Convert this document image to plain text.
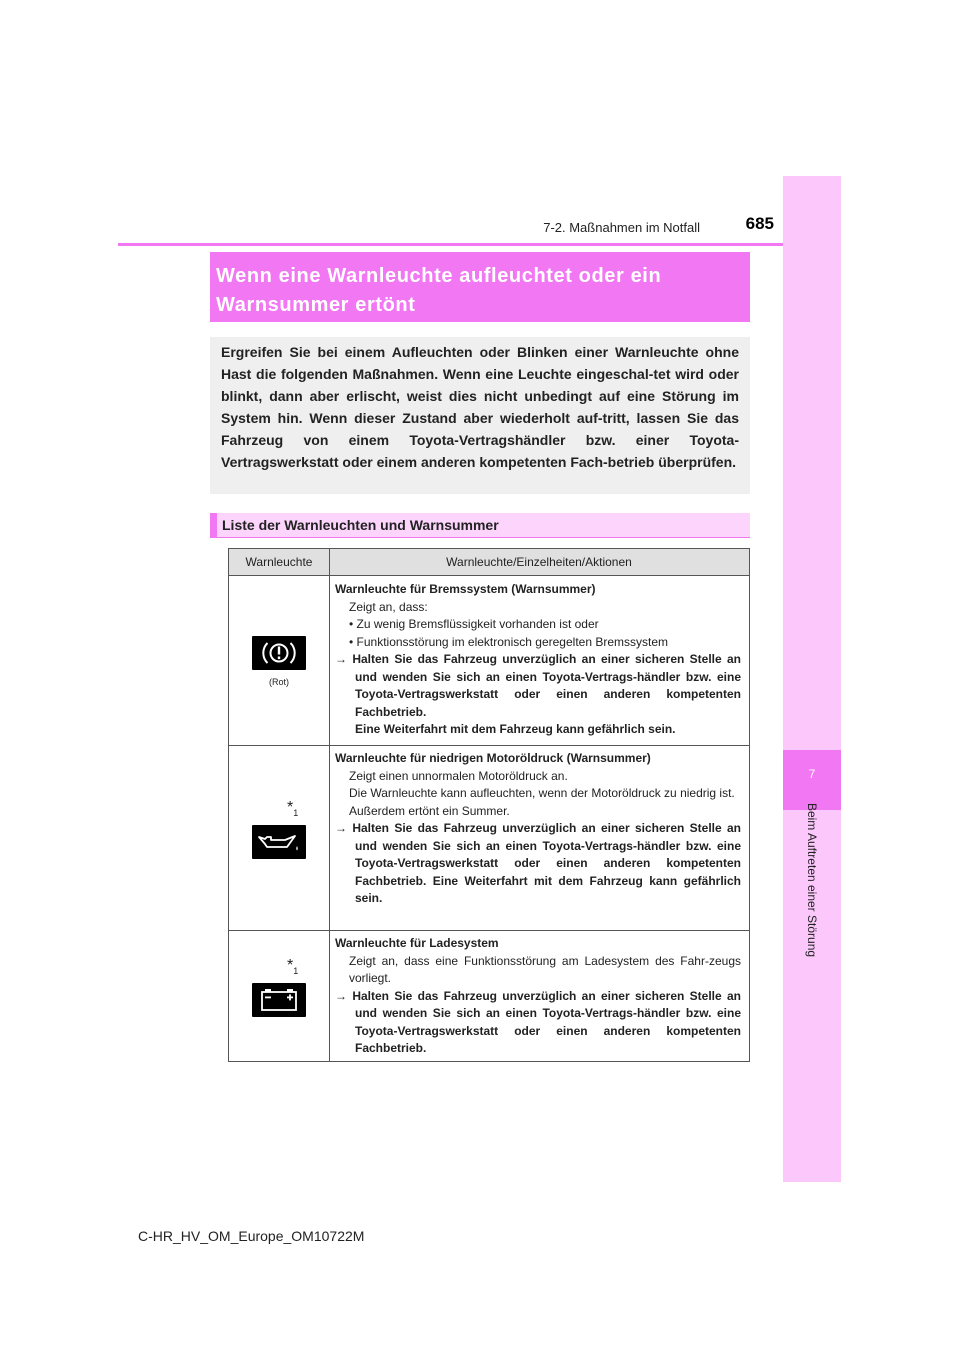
7
Beim Auftreten einer Störung
7-2. Maßnahmen im Notfall	685
Wenn eine Warnleuchte aufleuchtet oder ein Warnsummer ertönt
Ergreifen Sie bei einem Aufleuchten oder Blinken einer Warnleuchte ohne Hast die folgenden Maßnahmen. Wenn eine Leuchte eingeschal-tet wird oder blinkt, dann aber erlischt, weist dies nicht unbedingt auf eine Störung im System hin. Wenn dieser Zustand aber wiederholt auf-tritt, lassen Sie das Fahrzeug von einem Toyota-Vertragshändler bzw. einer Toyota-Vertragswerkstatt oder einem anderen kompetenten Fach-betrieb überprüfen.
Liste der Warnleuchten und Warnsummer
Warnleuchte	Warnleuchte/Einzelheiten/Aktionen
(Rot)
Warnleuchte für Bremssystem (Warnsummer)
Zeigt an, dass:
• Zu wenig Bremsflüssigkeit vorhanden ist oder
• Funktionsstörung im elektronisch geregelten Bremssystem
→ Halten Sie das Fahrzeug unverzüglich an einer sicheren Stelle an und wenden Sie sich an einen Toyota-Vertrags-händler bzw. eine Toyota-Vertragswerkstatt oder einen anderen kompetenten Fachbetrieb.
Eine Weiterfahrt mit dem Fahrzeug kann gefährlich sein.
$*_1$
Warnleuchte für niedrigen Motoröldruck (Warnsummer)
Zeigt einen unnormalen Motoröldruck an.
Die Warnleuchte kann aufleuchten, wenn der Motoröldruck zu niedrig ist.
Außerdem ertönt ein Summer.
→ Halten Sie das Fahrzeug unverzüglich an einer sicheren Stelle an und wenden Sie sich an einen Toyota-Vertrags-händler bzw. eine Toyota-Vertragswerkstatt oder einen anderen kompetenten Fachbetrieb. Eine Weiterfahrt mit dem Fahrzeug kann gefährlich sein.
$*_1$
Warnleuchte für Ladesystem
Zeigt an, dass eine Funktionsstörung am Ladesystem des Fahr-zeugs vorliegt.
→ Halten Sie das Fahrzeug unverzüglich an einer sicheren Stelle an und wenden Sie sich an einen Toyota-Vertrags-händler bzw. eine Toyota-Vertragswerkstatt oder einen anderen kompetenten Fachbetrieb.
C-HR_HV_OM_Europe_OM10722M
